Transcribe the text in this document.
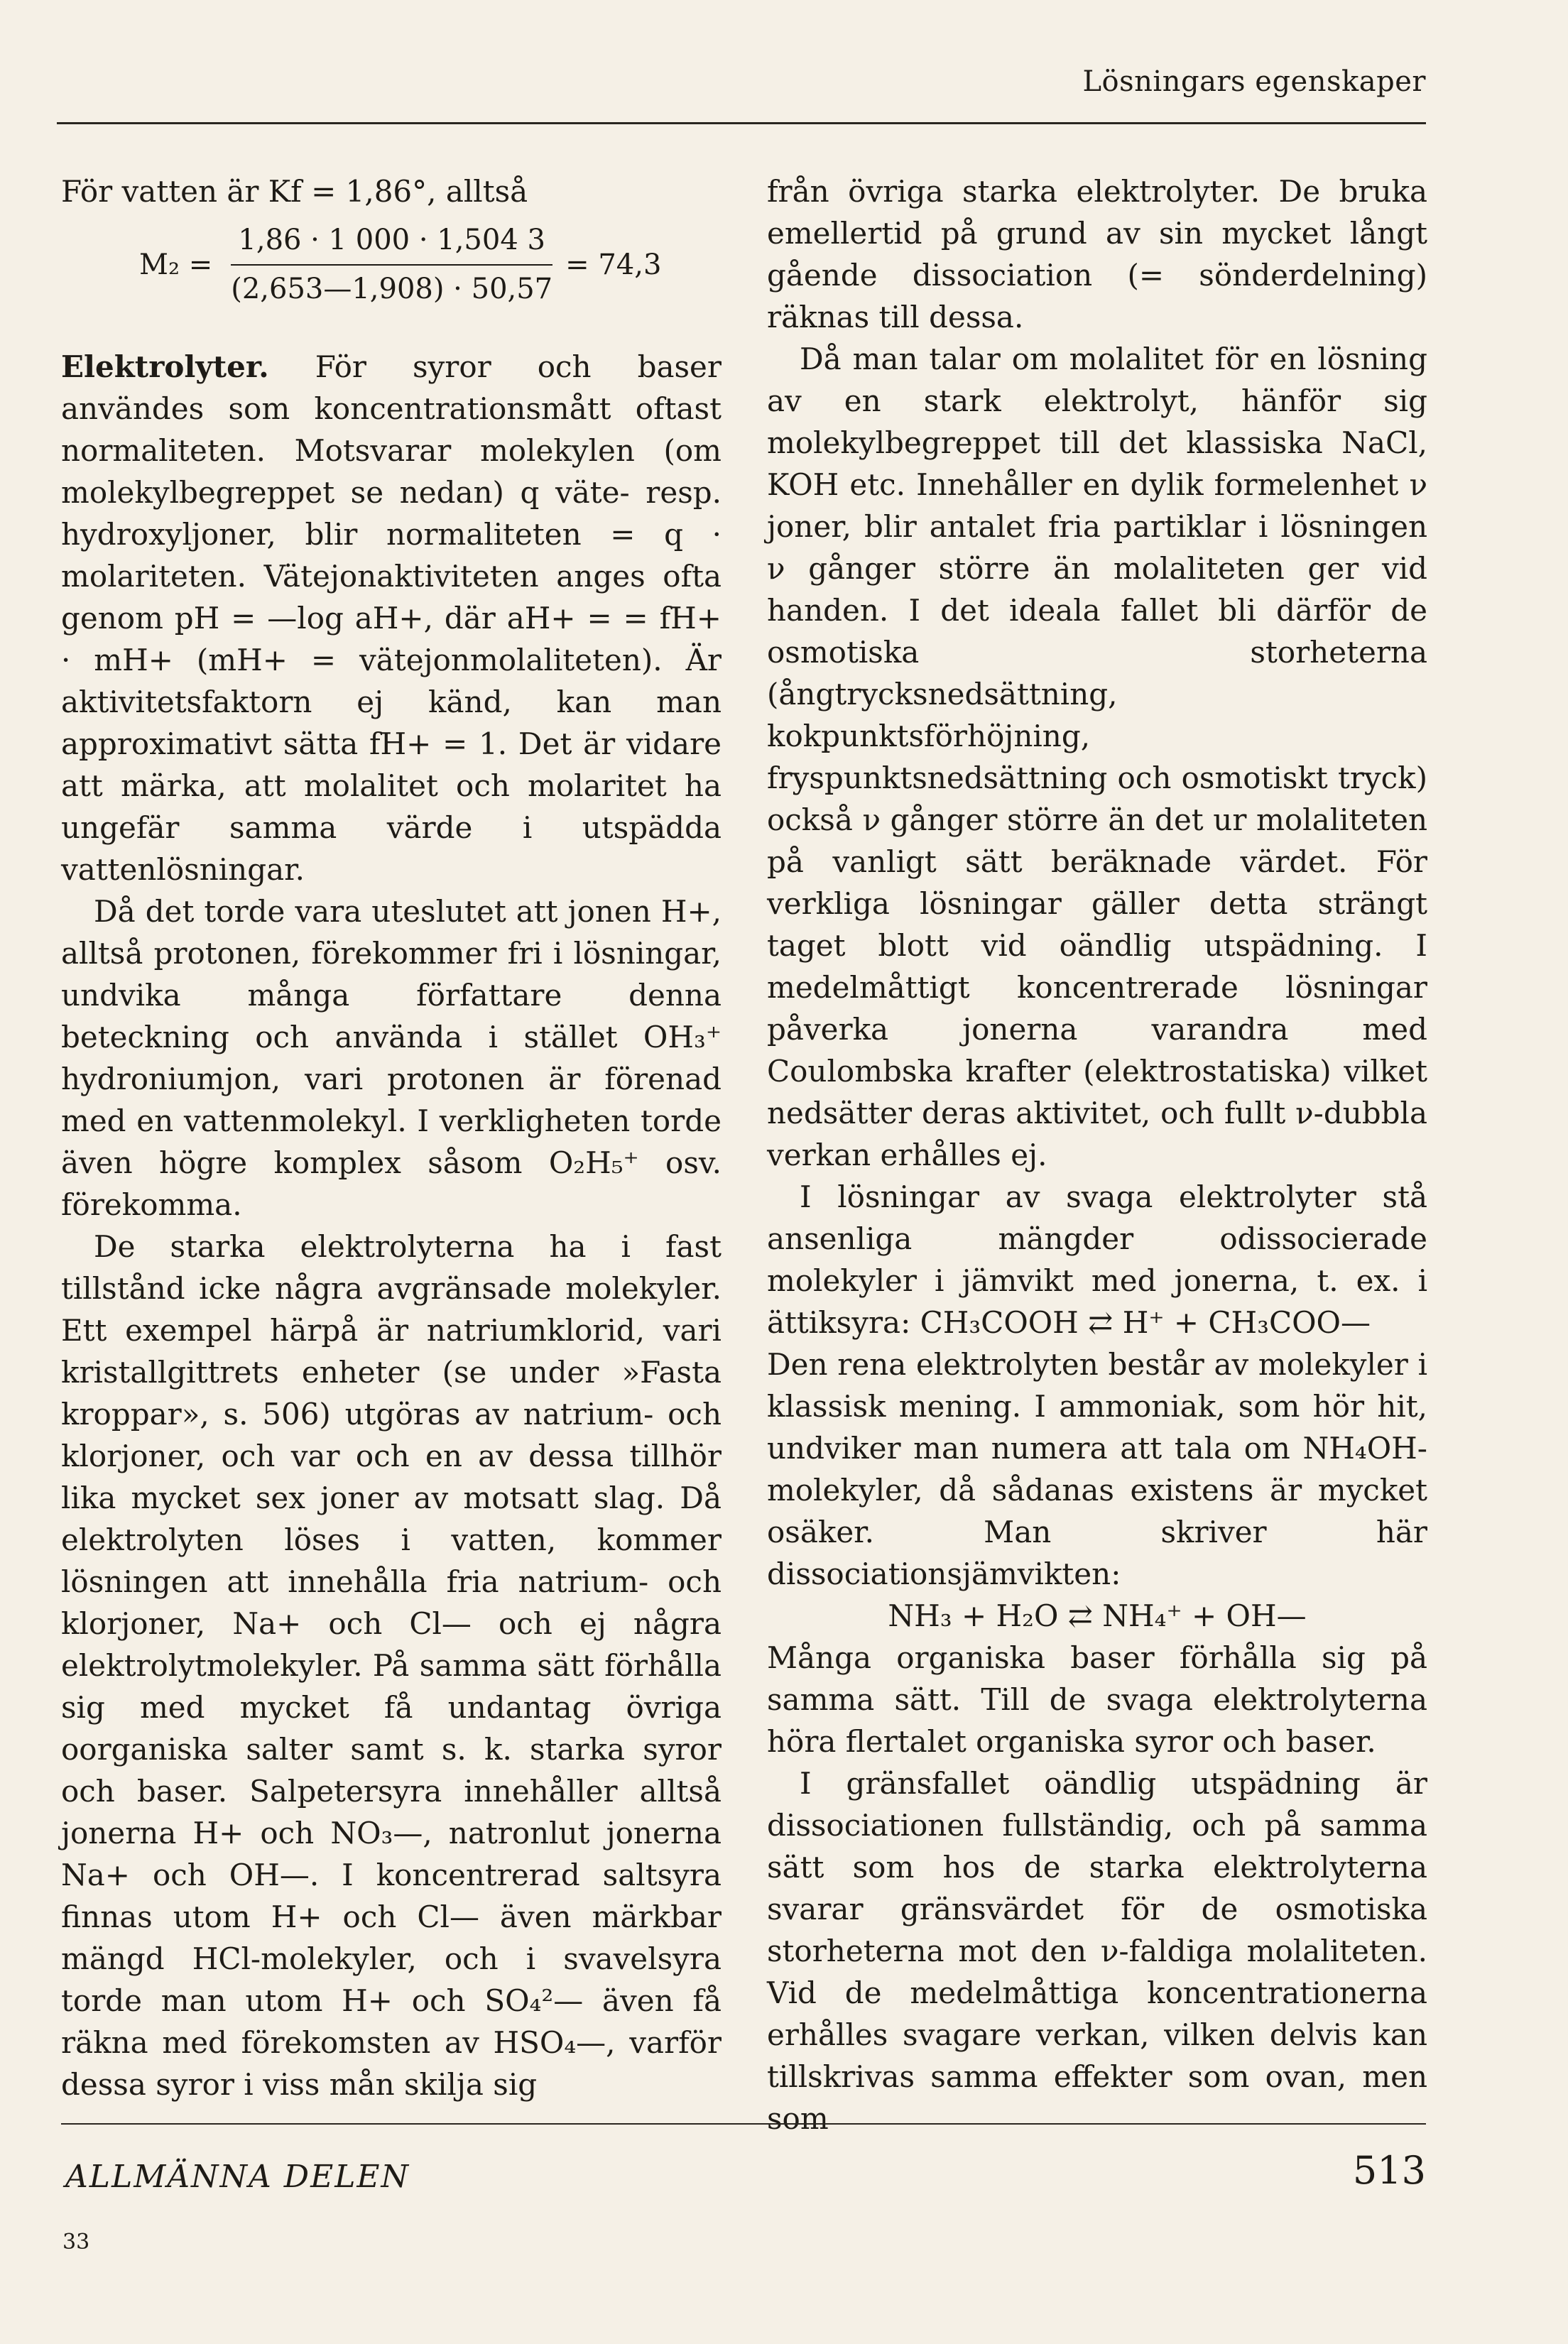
Lösningars egenskaper

För vatten är Kf = 1,86°, alltså

$M_2 = \frac{1,86 \cdot 1 000 \cdot 1,504 3}{(2,653—1,908) \cdot 50,57} = 74,3$

Elektrolyter. För syror och baser användes som koncentrationsmått oftast normaliteten. Motsvarar molekylen (om molekylbegreppet se nedan) q väte- resp. hydroxyljoner, blir normaliteten = q · molariteten. Vätejonaktiviteten anges ofta genom pH = —log aH+, där aH+ = = fH+ · mH+ (mH+ = vätejonmolaliteten). Är aktivitetsfaktorn ej känd, kan man approximativt sätta fH+ = 1. Det är vidare att märka, att molalitet och molaritet ha ungefär samma värde i utspädda vattenlösningar.

Då det torde vara uteslutet att jonen H+, alltså protonen, förekommer fri i lösningar, undvika många författare denna beteckning och använda i stället OH₃⁺ hydroniumjon, vari protonen är förenad med en vattenmolekyl. I verkligheten torde även högre komplex såsom O₂H₅⁺ osv. förekomma.

De starka elektrolyterna ha i fast tillstånd icke några avgränsade molekyler. Ett exempel härpå är natriumklorid, vari kristallgittrets enheter (se under »Fasta kroppar», s. 506) utgöras av natrium- och klorjoner, och var och en av dessa tillhör lika mycket sex joner av motsatt slag. Då elektrolyten löses i vatten, kommer lösningen att innehålla fria natrium- och klorjoner, Na+ och Cl— och ej några elektrolytmolekyler. På samma sätt förhålla sig med mycket få undantag övriga oorganiska salter samt s. k. starka syror och baser. Salpetersyra innehåller alltså jonerna H+ och NO₃—, natronlut jonerna Na+ och OH—. I koncentrerad saltsyra finnas utom H+ och Cl— även märkbar mängd HCl-molekyler, och i svavelsyra torde man utom H+ och SO₄²— även få räkna med förekomsten av HSO₄—, varför dessa syror i viss mån skilja sig

från övriga starka elektrolyter. De bruka emellertid på grund av sin mycket långt gående dissociation (= sönderdelning) räknas till dessa.

Då man talar om molalitet för en lösning av en stark elektrolyt, hänför sig molekylbegreppet till det klassiska NaCl, KOH etc. Innehåller en dylik formelenhet ν joner, blir antalet fria partiklar i lösningen ν gånger större än molaliteten ger vid handen. I det ideala fallet bli därför de osmotiska storheterna (ångtrycksnedsättning, kokpunktsförhöjning, fryspunktsnedsättning och osmotiskt tryck) också ν gånger större än det ur molaliteten på vanligt sätt beräknade värdet. För verkliga lösningar gäller detta strängt taget blott vid oändlig utspädning. I medelmåttigt koncentrerade lösningar påverka jonerna varandra med Coulombska krafter (elektrostatiska) vilket nedsätter deras aktivitet, och fullt ν-dubbla verkan erhålles ej.

I lösningar av svaga elektrolyter stå ansenliga mängder odissocierade molekyler i jämvikt med jonerna, t. ex. i ättiksyra: CH₃COOH ⇄ H⁺ + CH₃COO—

Den rena elektrolyten består av molekyler i klassisk mening. I ammoniak, som hör hit, undviker man numera att tala om NH₄OH-molekyler, då sådanas existens är mycket osäker. Man skriver här dissociationsjämvikten:

NH₃ + H₂O ⇄ NH₄⁺ + OH—

Många organiska baser förhålla sig på samma sätt. Till de svaga elektrolyterna höra flertalet organiska syror och baser.

I gränsfallet oändlig utspädning är dissociationen fullständig, och på samma sätt som hos de starka elektrolyterna svarar gränsvärdet för de osmotiska storheterna mot den ν-faldiga molaliteten. Vid de medelmåttiga koncentrationerna erhålles svagare verkan, vilken delvis kan tillskrivas samma effekter som ovan, men som

ALLMÄNNA DELEN	513
33
